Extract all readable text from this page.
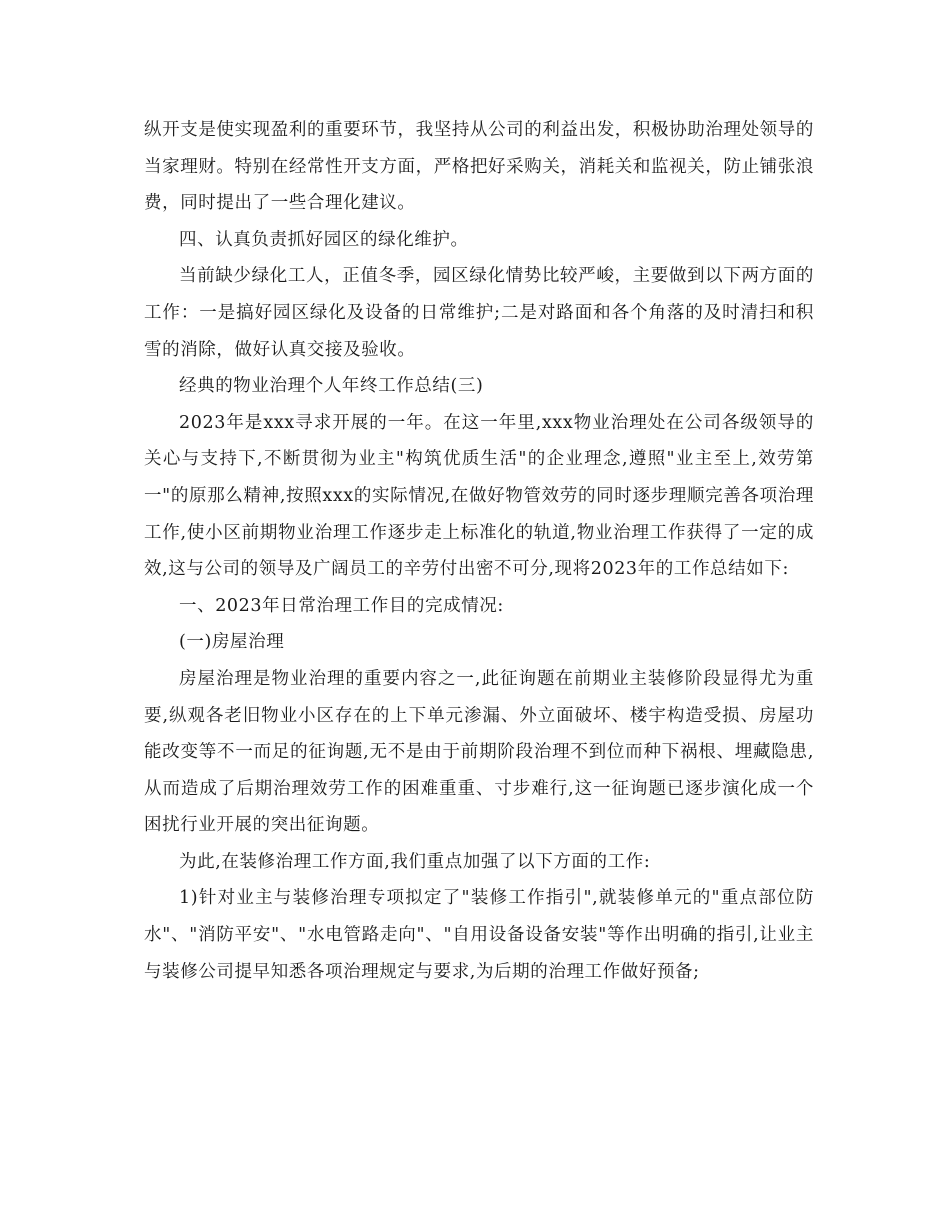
纵开支是使实现盈利的重要环节，我坚持从公司的利益出发，积极协助治理处领导的当家理财。特别在经常性开支方面，严格把好采购关，消耗关和监视关，防止铺张浪费，同时提出了一些合理化建议。

四、认真负责抓好园区的绿化维护。

当前缺少绿化工人，正值冬季，园区绿化情势比较严峻，主要做到以下两方面的工作：一是搞好园区绿化及设备的日常维护;二是对路面和各个角落的及时清扫和积雪的消除，做好认真交接及验收。

经典的物业治理个人年终工作总结(三)

2023年是xxx寻求开展的一年。在这一年里,xxx物业治理处在公司各级领导的关心与支持下,不断贯彻为业主"构筑优质生活"的企业理念,遵照"业主至上,效劳第一"的原那么精神,按照xxx的实际情况,在做好物管效劳的同时逐步理顺完善各项治理工作,使小区前期物业治理工作逐步走上标准化的轨道,物业治理工作获得了一定的成效,这与公司的领导及广阔员工的辛劳付出密不可分,现将2023年的工作总结如下:

一、2023年日常治理工作目的完成情况:

(一)房屋治理

房屋治理是物业治理的重要内容之一,此征询题在前期业主装修阶段显得尤为重要,纵观各老旧物业小区存在的上下单元渗漏、外立面破坏、楼宇构造受损、房屋功能改变等不一而足的征询题,无不是由于前期阶段治理不到位而种下祸根、埋藏隐患,从而造成了后期治理效劳工作的困难重重、寸步难行,这一征询题已逐步演化成一个困扰行业开展的突出征询题。

为此,在装修治理工作方面,我们重点加强了以下方面的工作:

1)针对业主与装修治理专项拟定了"装修工作指引",就装修单元的"重点部位防水"、"消防平安"、"水电管路走向"、"自用设备设备安装"等作出明确的指引,让业主与装修公司提早知悉各项治理规定与要求,为后期的治理工作做好预备;
